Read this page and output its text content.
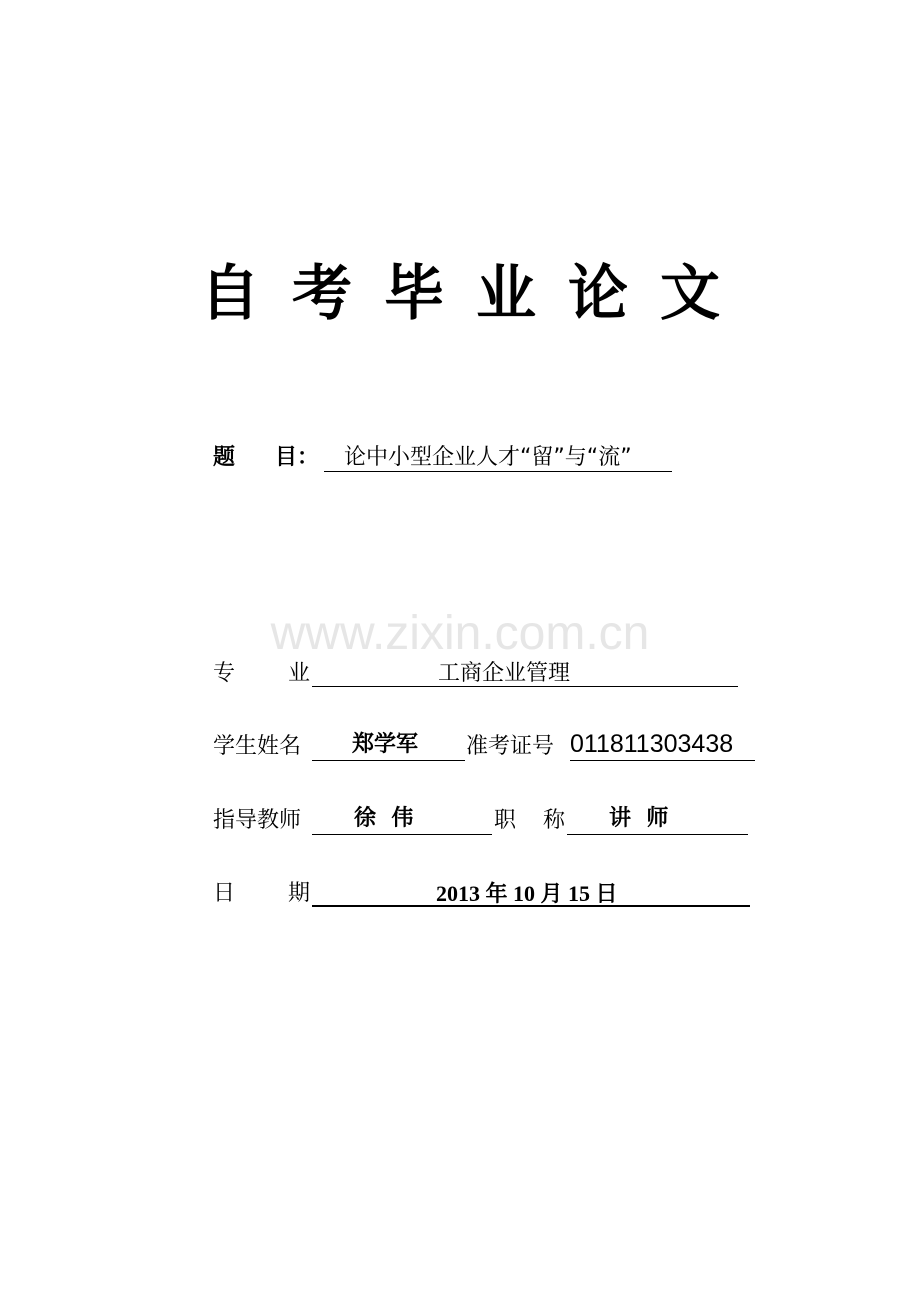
自考毕业论文
题 目：	论中小型企业人才“留”与“流”
www.zixin.com.cn
专 业	工商企业管理
学生姓名	郑学军	准考证号 011811303438
指导教师	徐  伟	职 称	讲  师
日 期	2013 年 10 月 15 日
